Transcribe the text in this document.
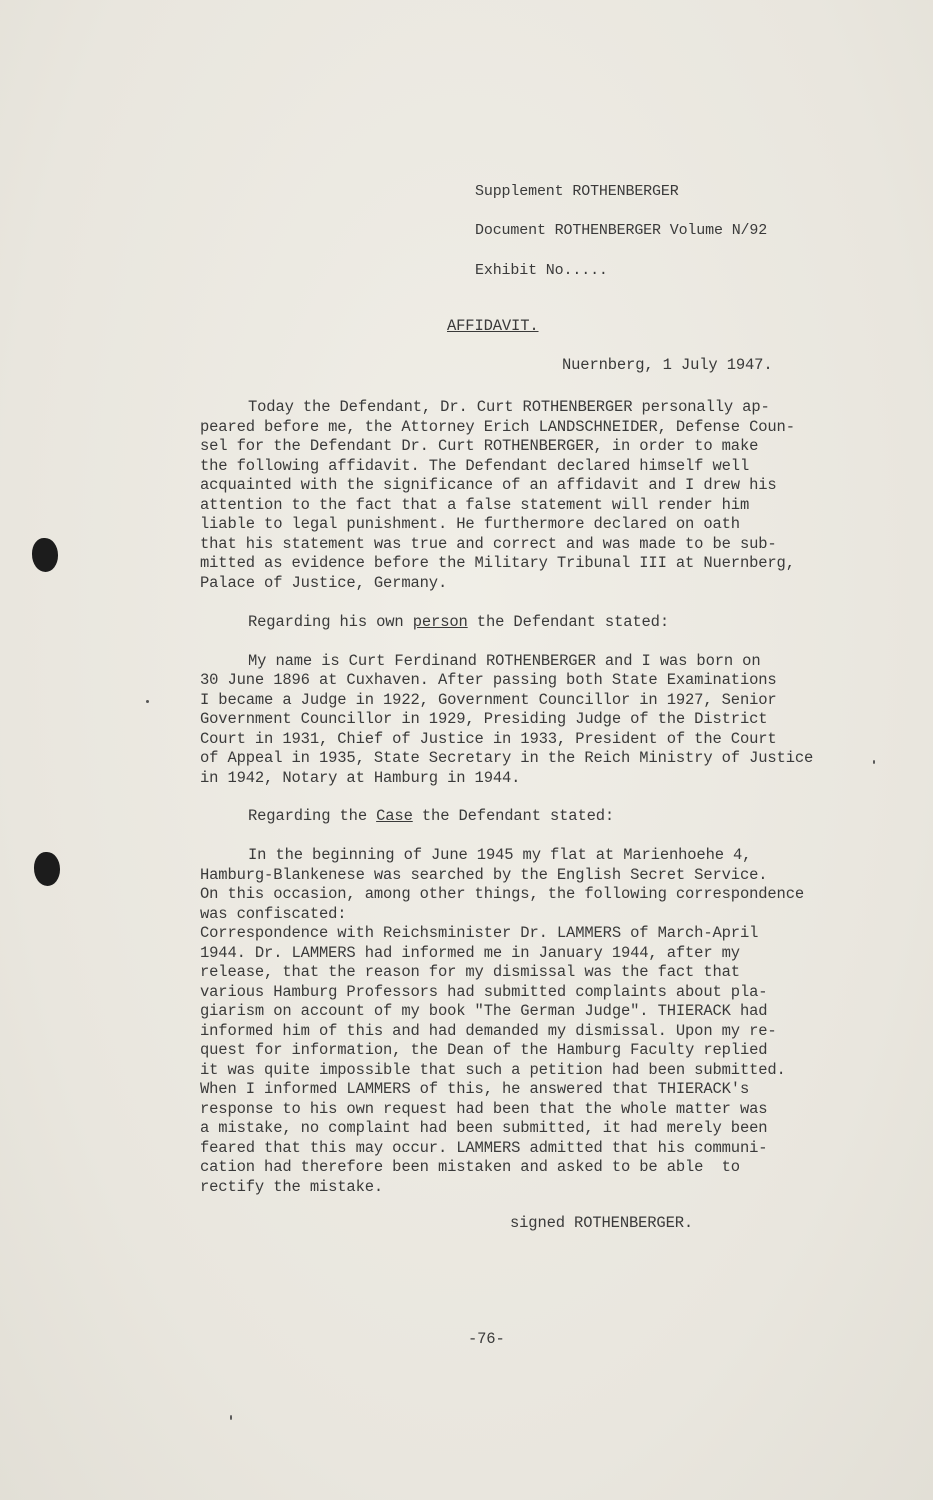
Supplement ROTHENBERGER
Document ROTHENBERGER Volume N/92
Exhibit No.....
AFFIDAVIT.
Nuernberg, 1 July 1947.
Today the Defendant, Dr. Curt ROTHENBERGER personally ap-
peared before me, the Attorney Erich LANDSCHNEIDER, Defense Coun-
sel for the Defendant Dr. Curt ROTHENBERGER, in order to make
the following affidavit. The Defendant declared himself well
acquainted with the significance of an affidavit and I drew his
attention to the fact that a false statement will render him
liable to legal punishment. He furthermore declared on oath
that his statement was true and correct and was made to be sub-
mitted as evidence before the Military Tribunal III at Nuernberg,
Palace of Justice, Germany.
Regarding his own person the Defendant stated:
My name is Curt Ferdinand ROTHENBERGER and I was born on
30 June 1896 at Cuxhaven. After passing both State Examinations
I became a Judge in 1922, Government Councillor in 1927, Senior
Government Councillor in 1929, Presiding Judge of the District
Court in 1931, Chief of Justice in 1933, President of the Court
of Appeal in 1935, State Secretary in the Reich Ministry of Justice
in 1942, Notary at Hamburg in 1944.
Regarding the Case the Defendant stated:
In the beginning of June 1945 my flat at Marienhoehe 4,
Hamburg-Blankenese was searched by the English Secret Service.
On this occasion, among other things, the following correspondence
was confiscated:
Correspondence with Reichsminister Dr. LAMMERS of March-April
1944. Dr. LAMMERS had informed me in January 1944, after my
release, that the reason for my dismissal was the fact that
various Hamburg Professors had submitted complaints about pla-
giarism on account of my book "The German Judge". THIERACK had
informed him of this and had demanded my dismissal. Upon my re-
quest for information, the Dean of the Hamburg Faculty replied
it was quite impossible that such a petition had been submitted.
When I informed LAMMERS of this, he answered that THIERACK's
response to his own request had been that the whole matter was
a mistake, no complaint had been submitted, it had merely been
feared that this may occur. LAMMERS admitted that his communi-
cation had therefore been mistaken and asked to be able  to
rectify the mistake.
signed ROTHENBERGER.
-76-
